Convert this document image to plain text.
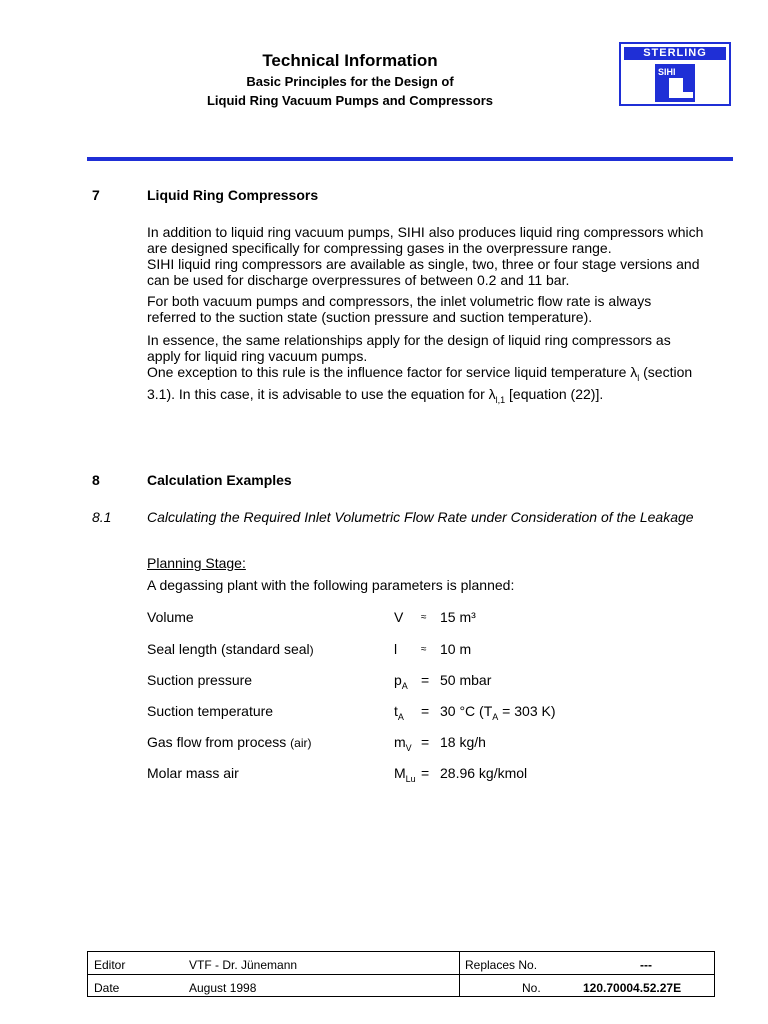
Technical Information
Basic Principles for the Design of
Liquid Ring Vacuum Pumps and Compressors
STERLING
SIHI
7	Liquid Ring Compressors
In addition to liquid ring vacuum pumps, SIHI also produces liquid ring compressors which
are designed specifically for compressing gases in the overpressure range.
SIHI liquid ring compressors are available as single, two, three or four stage versions and
can be used for discharge overpressures of between 0.2 and 11 bar.
For both vacuum pumps and compressors, the inlet volumetric flow rate is always
referred to the suction state (suction pressure and suction temperature).
In essence, the same relationships apply for the design of liquid ring compressors as
apply for liquid ring vacuum pumps.
One exception to this rule is the influence factor for service liquid temperature $\lambda_l$ (section
3.1). In this case, it is advisable to use the equation for $\lambda_{l,1}$ [equation (22)].
8	Calculation Examples
8.1	Calculating the Required Inlet Volumetric Flow Rate under Consideration of the Leakage
Planning Stage:
A degassing plant with the following parameters is planned:
Volume	V ≈ 15 m³
Seal length (standard seal)	l ≈ 10 m
Suction pressure	$p_A = 50$ mbar
Suction temperature	$t_A = 30$ °C ($T_A = 303$ K)
Gas flow from process (air)	$m_V = 18$ kg/h
Molar mass air	$M_{Lu} = 28.96$ kg/kmol
Editor	VTF - Dr. Jünemann	Replaces No.	---
Date	August 1998	No.	120.70004.52.27E
